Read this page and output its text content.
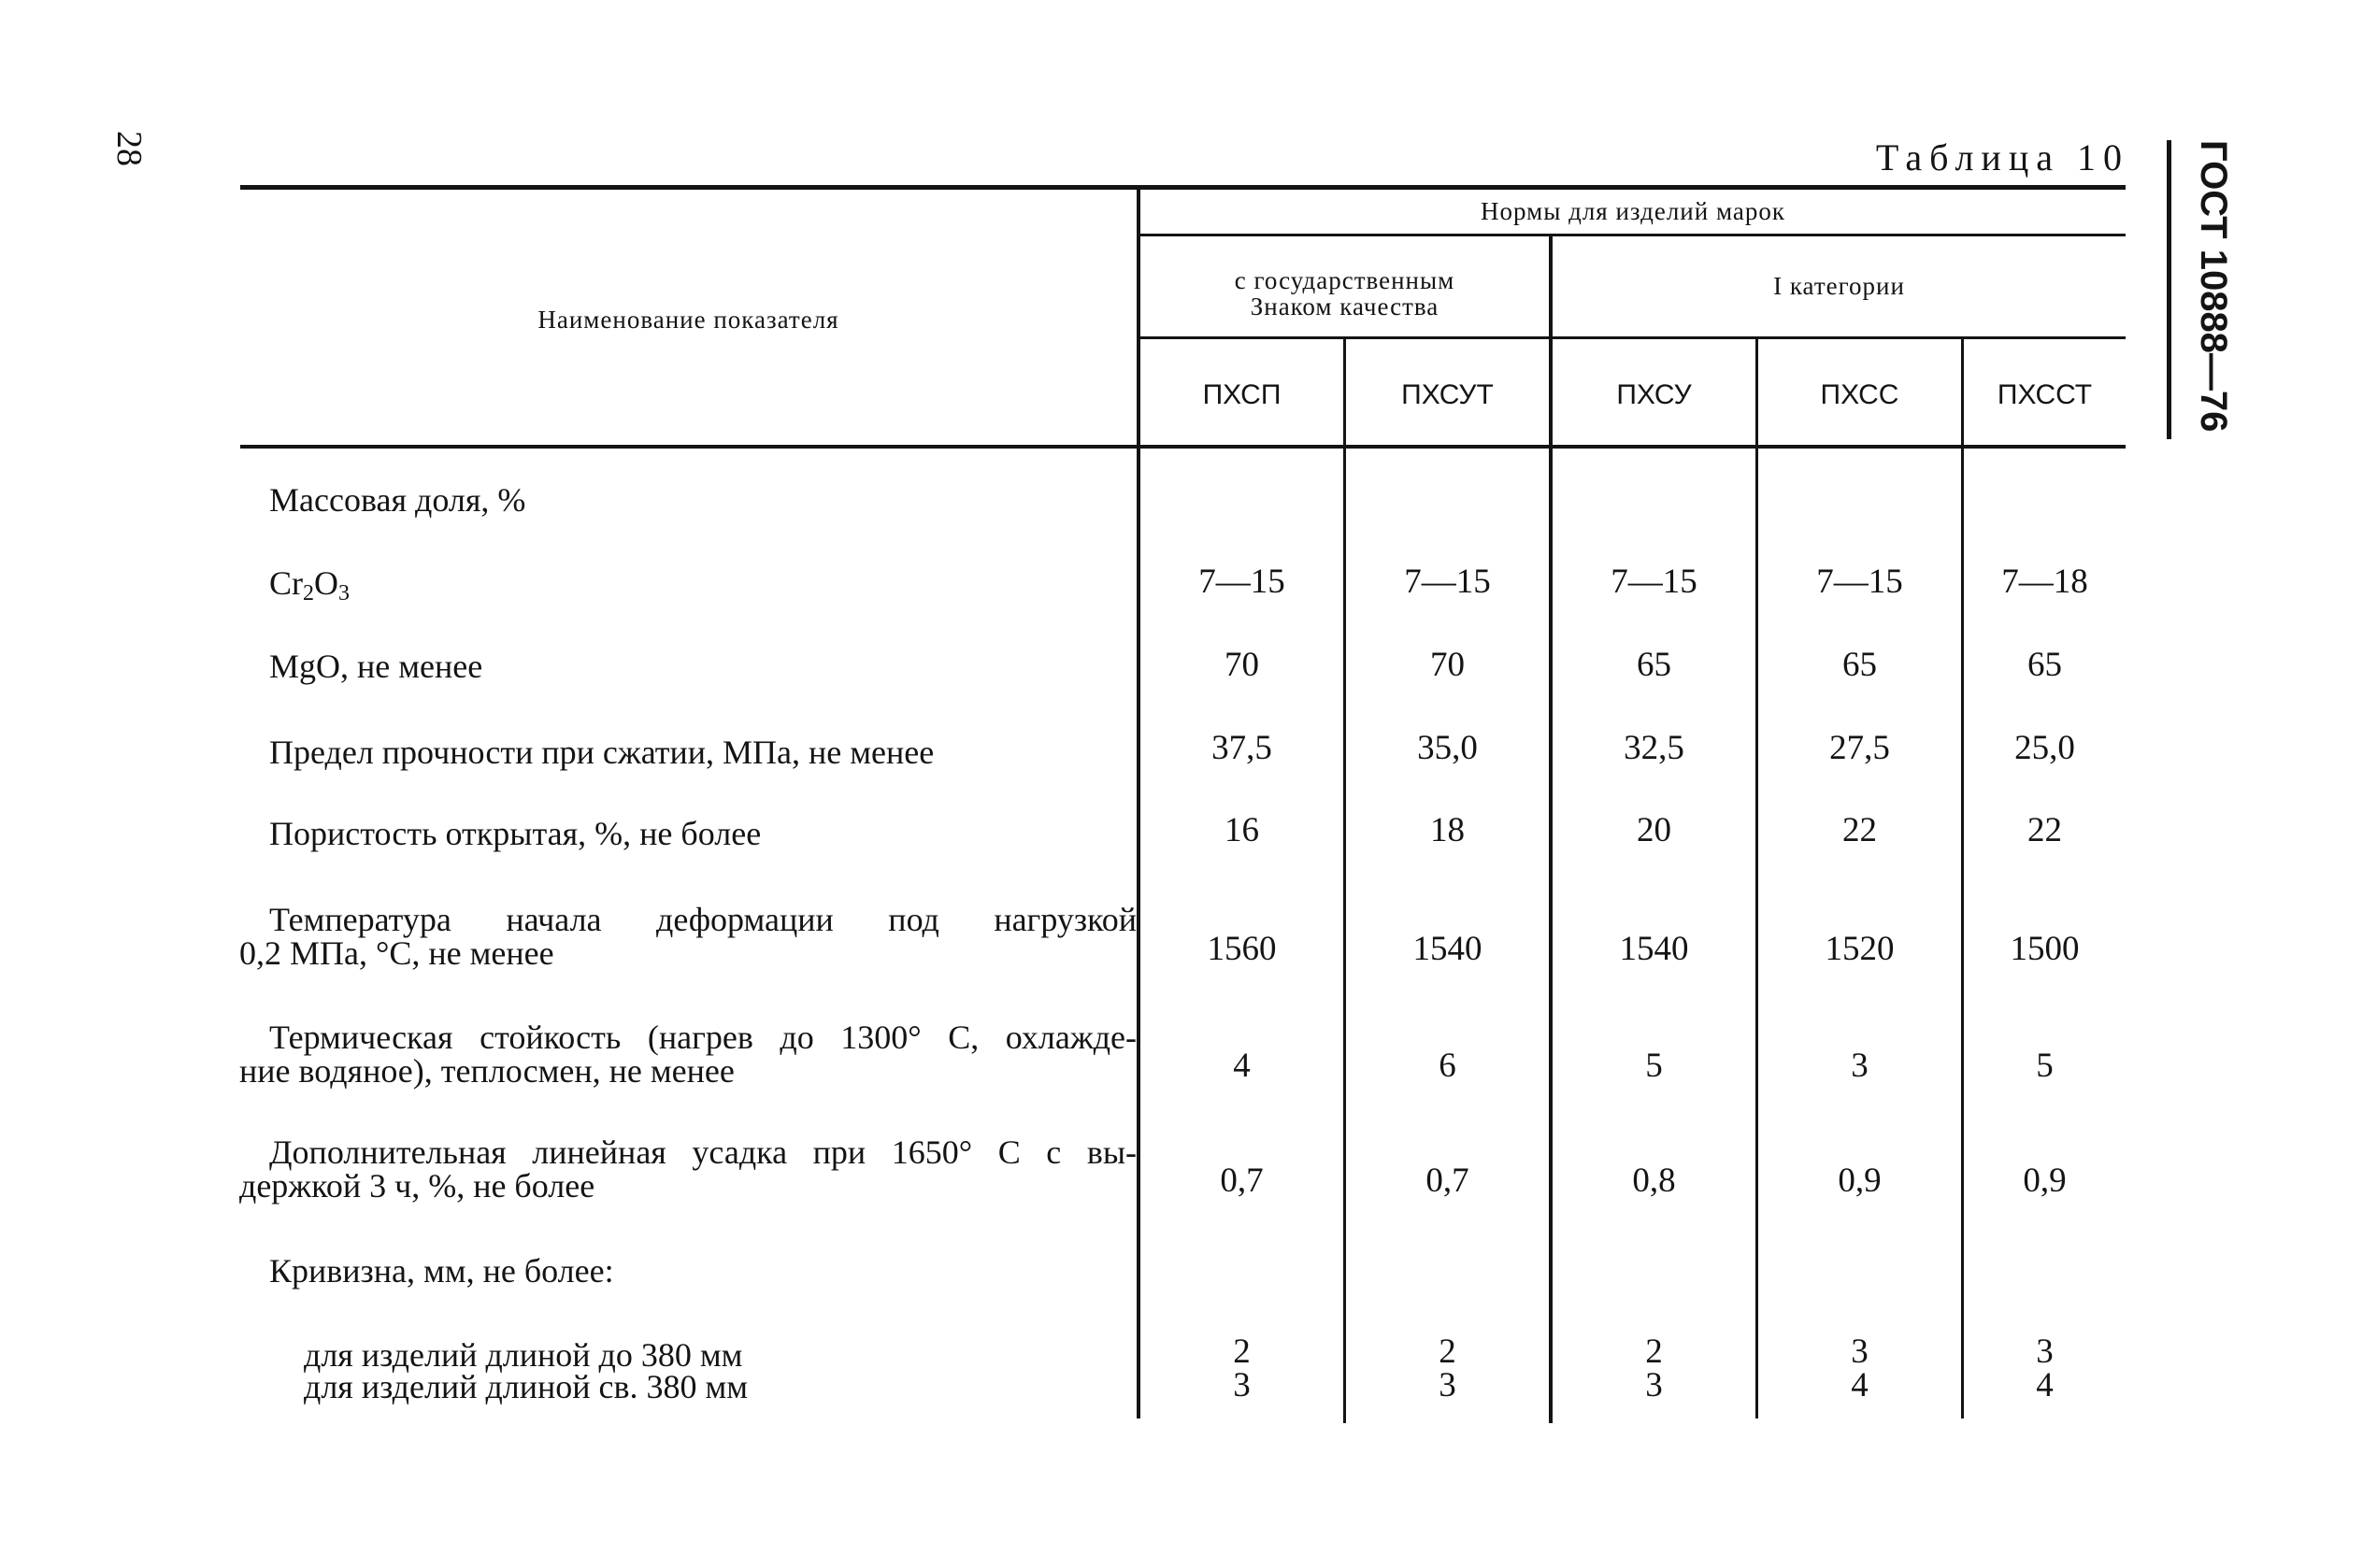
28	Таблица 10 ГОСТ 10888—76
Наименование показателя
Нормы для изделий марок
с государственным
Знаком качества
I категории
ПХСП	ПХСУТ	ПХСУ	ПХСС	ПХССТ
Массовая доля, %
$Cr_2O_3$	7—15	7—15	7—15	7—15	7—18
MgO, не менее	70	70	65	65	65
Предел прочности при сжатии, МПа, не менее	37,5	35,0	32,5	27,5	25,0
Пористость открытая, %, не более	16	18	20	22	22
Температура начала деформации под нагрузкой
0,2 МПа, °С, не менее	1560	1540	1540	1520	1500
Термическая стойкость (нагрев до 1300° С, охлажде-
ние водяное), теплосмен, не менее	4	6	5	3	5
Дополнительная линейная усадка при 1650° С с вы-
держкой 3 ч, %, не более	0,7	0,7	0,8	0,9	0,9
Кривизна, мм, не более:
для изделий длиной до 380 мм	2	2	2	3	3
для изделий длиной св. 380 мм	3	3	3	4	4
